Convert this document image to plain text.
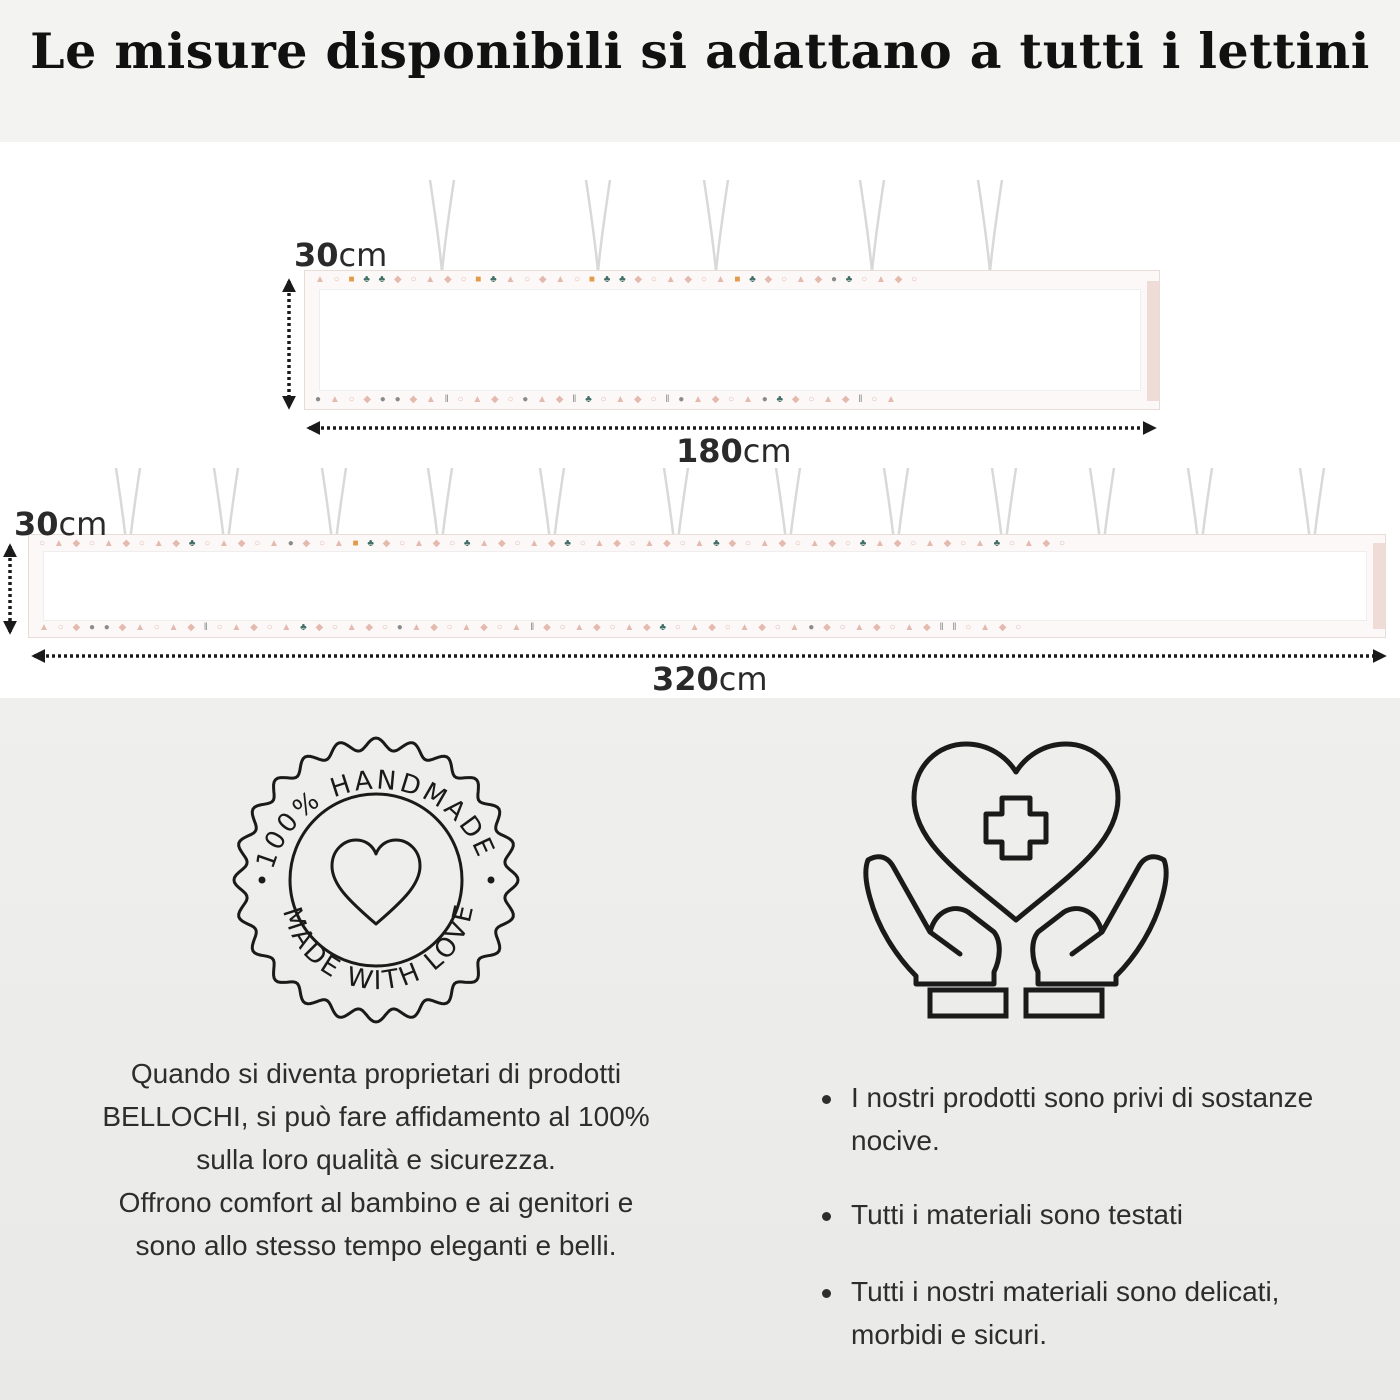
Le misure disponibili si adattano a tutti i lettini
▲ ○ ■ ♣ ♣ ◆ ○ ▲ ◆ ○ ■ ♣ ▲ ○ ◆ ▲ ○ ■ ♣ ♣ ◆ ○ ▲ ◆ ○ ▲ ■ ♣ ◆ ○ ▲ ◆ ● ♣ ○ ▲ ◆ ○
● ▲ ○ ◆ ● ● ◆ ▲ ‖ ○ ▲ ◆ ○ ● ▲ ◆ ‖ ♣ ○ ▲ ◆ ○ ‖ ● ▲ ◆ ○ ▲ ● ♣ ◆ ○ ▲ ◆ ‖ ○ ▲
○ ▲ ◆ ○ ▲ ◆ ○ ▲ ◆ ♣ ○ ▲ ◆ ○ ▲ ● ◆ ○ ▲ ■ ♣ ◆ ○ ▲ ◆ ○ ♣ ▲ ◆ ○ ▲ ◆ ♣ ○ ▲ ◆ ○ ▲ ◆ ○ ▲ ♣ ◆ ○ ▲ ◆ ○ ▲ ◆ ○ ♣ ▲ ◆ ○ ▲ ◆ ○ ▲ ♣ ○ ▲ ◆ ○
▲ ○ ◆ ● ● ◆ ▲ ○ ▲ ◆ ‖ ○ ▲ ◆ ○ ▲ ♣ ◆ ○ ▲ ◆ ○ ● ▲ ◆ ○ ▲ ◆ ○ ▲ ‖ ◆ ○ ▲ ◆ ○ ▲ ◆ ♣ ○ ▲ ◆ ○ ▲ ◆ ○ ▲ ● ◆ ○ ▲ ◆ ○ ▲ ◆ ‖ ‖ ○ ▲ ◆ ○
30cm
180cm
30cm
320cm
100% HANDMADE
MADE WITH LOVE

Quando si diventa proprietari di prodotti

BELLOCHI, si può fare affidamento al 100%

sulla loro qualità e sicurezza.

Offrono comfort al bambino e ai genitori e

sono allo stesso tempo eleganti e belli.

I nostri prodotti sono privi di sostanze nocive.
Tutti i materiali sono testati
Tutti i nostri materiali sono delicati, morbidi e sicuri.
